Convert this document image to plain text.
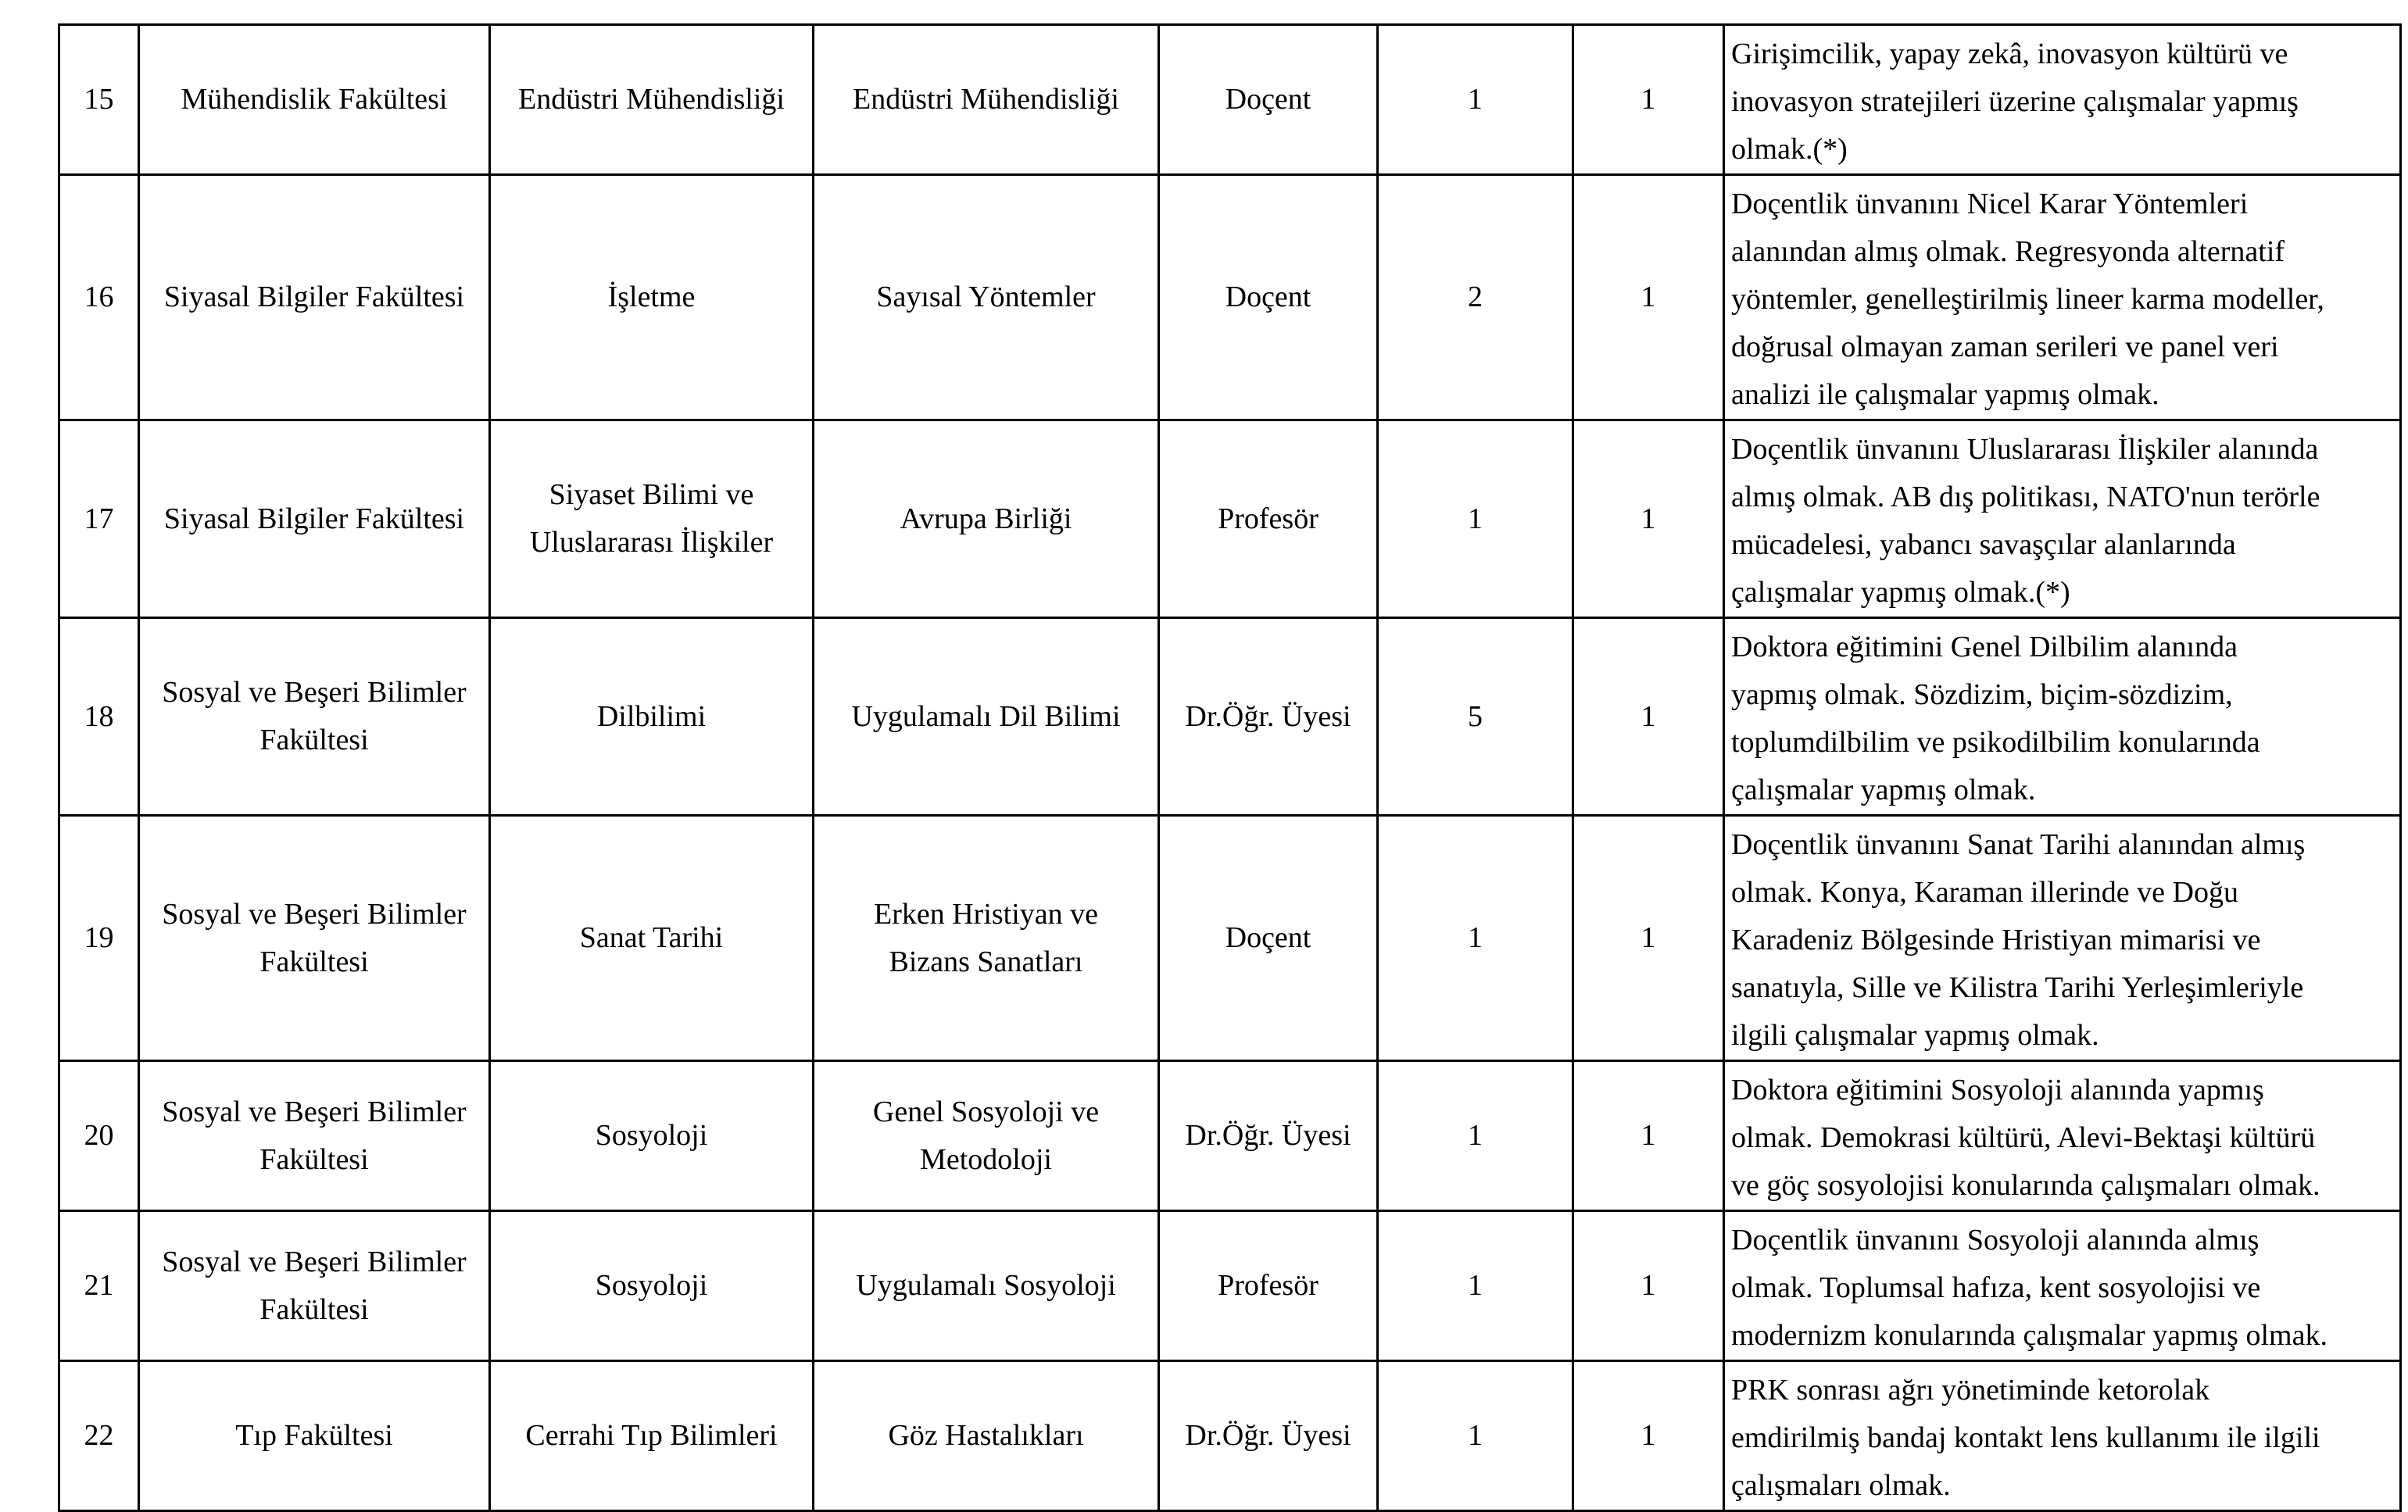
15	Mühendislik Fakültesi	Endüstri Mühendisliği	Endüstri Mühendisliği	Doçent	1	1	Girişimcilik, yapay zekâ, inovasyon kültürü ve
inovasyon stratejileri üzerine çalışmalar yapmış
olmak.(*)
16	Siyasal Bilgiler Fakültesi	İşletme	Sayısal Yöntemler	Doçent	2	1	Doçentlik ünvanını Nicel Karar Yöntemleri
alanından almış olmak. Regresyonda alternatif
yöntemler, genelleştirilmiş lineer karma modeller,
doğrusal olmayan zaman serileri ve panel veri
analizi ile çalışmalar yapmış olmak.
17	Siyasal Bilgiler Fakültesi	Siyaset Bilimi ve
Uluslararası İlişkiler	Avrupa Birliği	Profesör	1	1	Doçentlik ünvanını Uluslararası İlişkiler alanında
almış olmak. AB dış politikası, NATO'nun terörle
mücadelesi, yabancı savaşçılar alanlarında
çalışmalar yapmış olmak.(*)
18	Sosyal ve Beşeri Bilimler
Fakültesi	Dilbilimi	Uygulamalı Dil Bilimi	Dr.Öğr. Üyesi	5	1	Doktora eğitimini Genel Dilbilim alanında
yapmış olmak. Sözdizim, biçim-sözdizim,
toplumdilbilim ve psikodilbilim konularında
çalışmalar yapmış olmak.
19	Sosyal ve Beşeri Bilimler
Fakültesi	Sanat Tarihi	Erken Hristiyan ve
Bizans Sanatları	Doçent	1	1	Doçentlik ünvanını Sanat Tarihi alanından almış
olmak. Konya, Karaman illerinde ve Doğu
Karadeniz Bölgesinde Hristiyan mimarisi ve
sanatıyla, Sille ve Kilistra Tarihi Yerleşimleriyle
ilgili çalışmalar yapmış olmak.
20	Sosyal ve Beşeri Bilimler
Fakültesi	Sosyoloji	Genel Sosyoloji ve
Metodoloji	Dr.Öğr. Üyesi	1	1	Doktora eğitimini Sosyoloji alanında yapmış
olmak. Demokrasi kültürü, Alevi-Bektaşi kültürü
ve göç sosyolojisi konularında çalışmaları olmak.
21	Sosyal ve Beşeri Bilimler
Fakültesi	Sosyoloji	Uygulamalı Sosyoloji	Profesör	1	1	Doçentlik ünvanını Sosyoloji alanında almış
olmak. Toplumsal hafıza, kent sosyolojisi ve
modernizm konularında çalışmalar yapmış olmak.
22	Tıp Fakültesi	Cerrahi Tıp Bilimleri	Göz Hastalıkları	Dr.Öğr. Üyesi	1	1	PRK sonrası ağrı yönetiminde ketorolak
emdirilmiş bandaj kontakt lens kullanımı ile ilgili
çalışmaları olmak.
